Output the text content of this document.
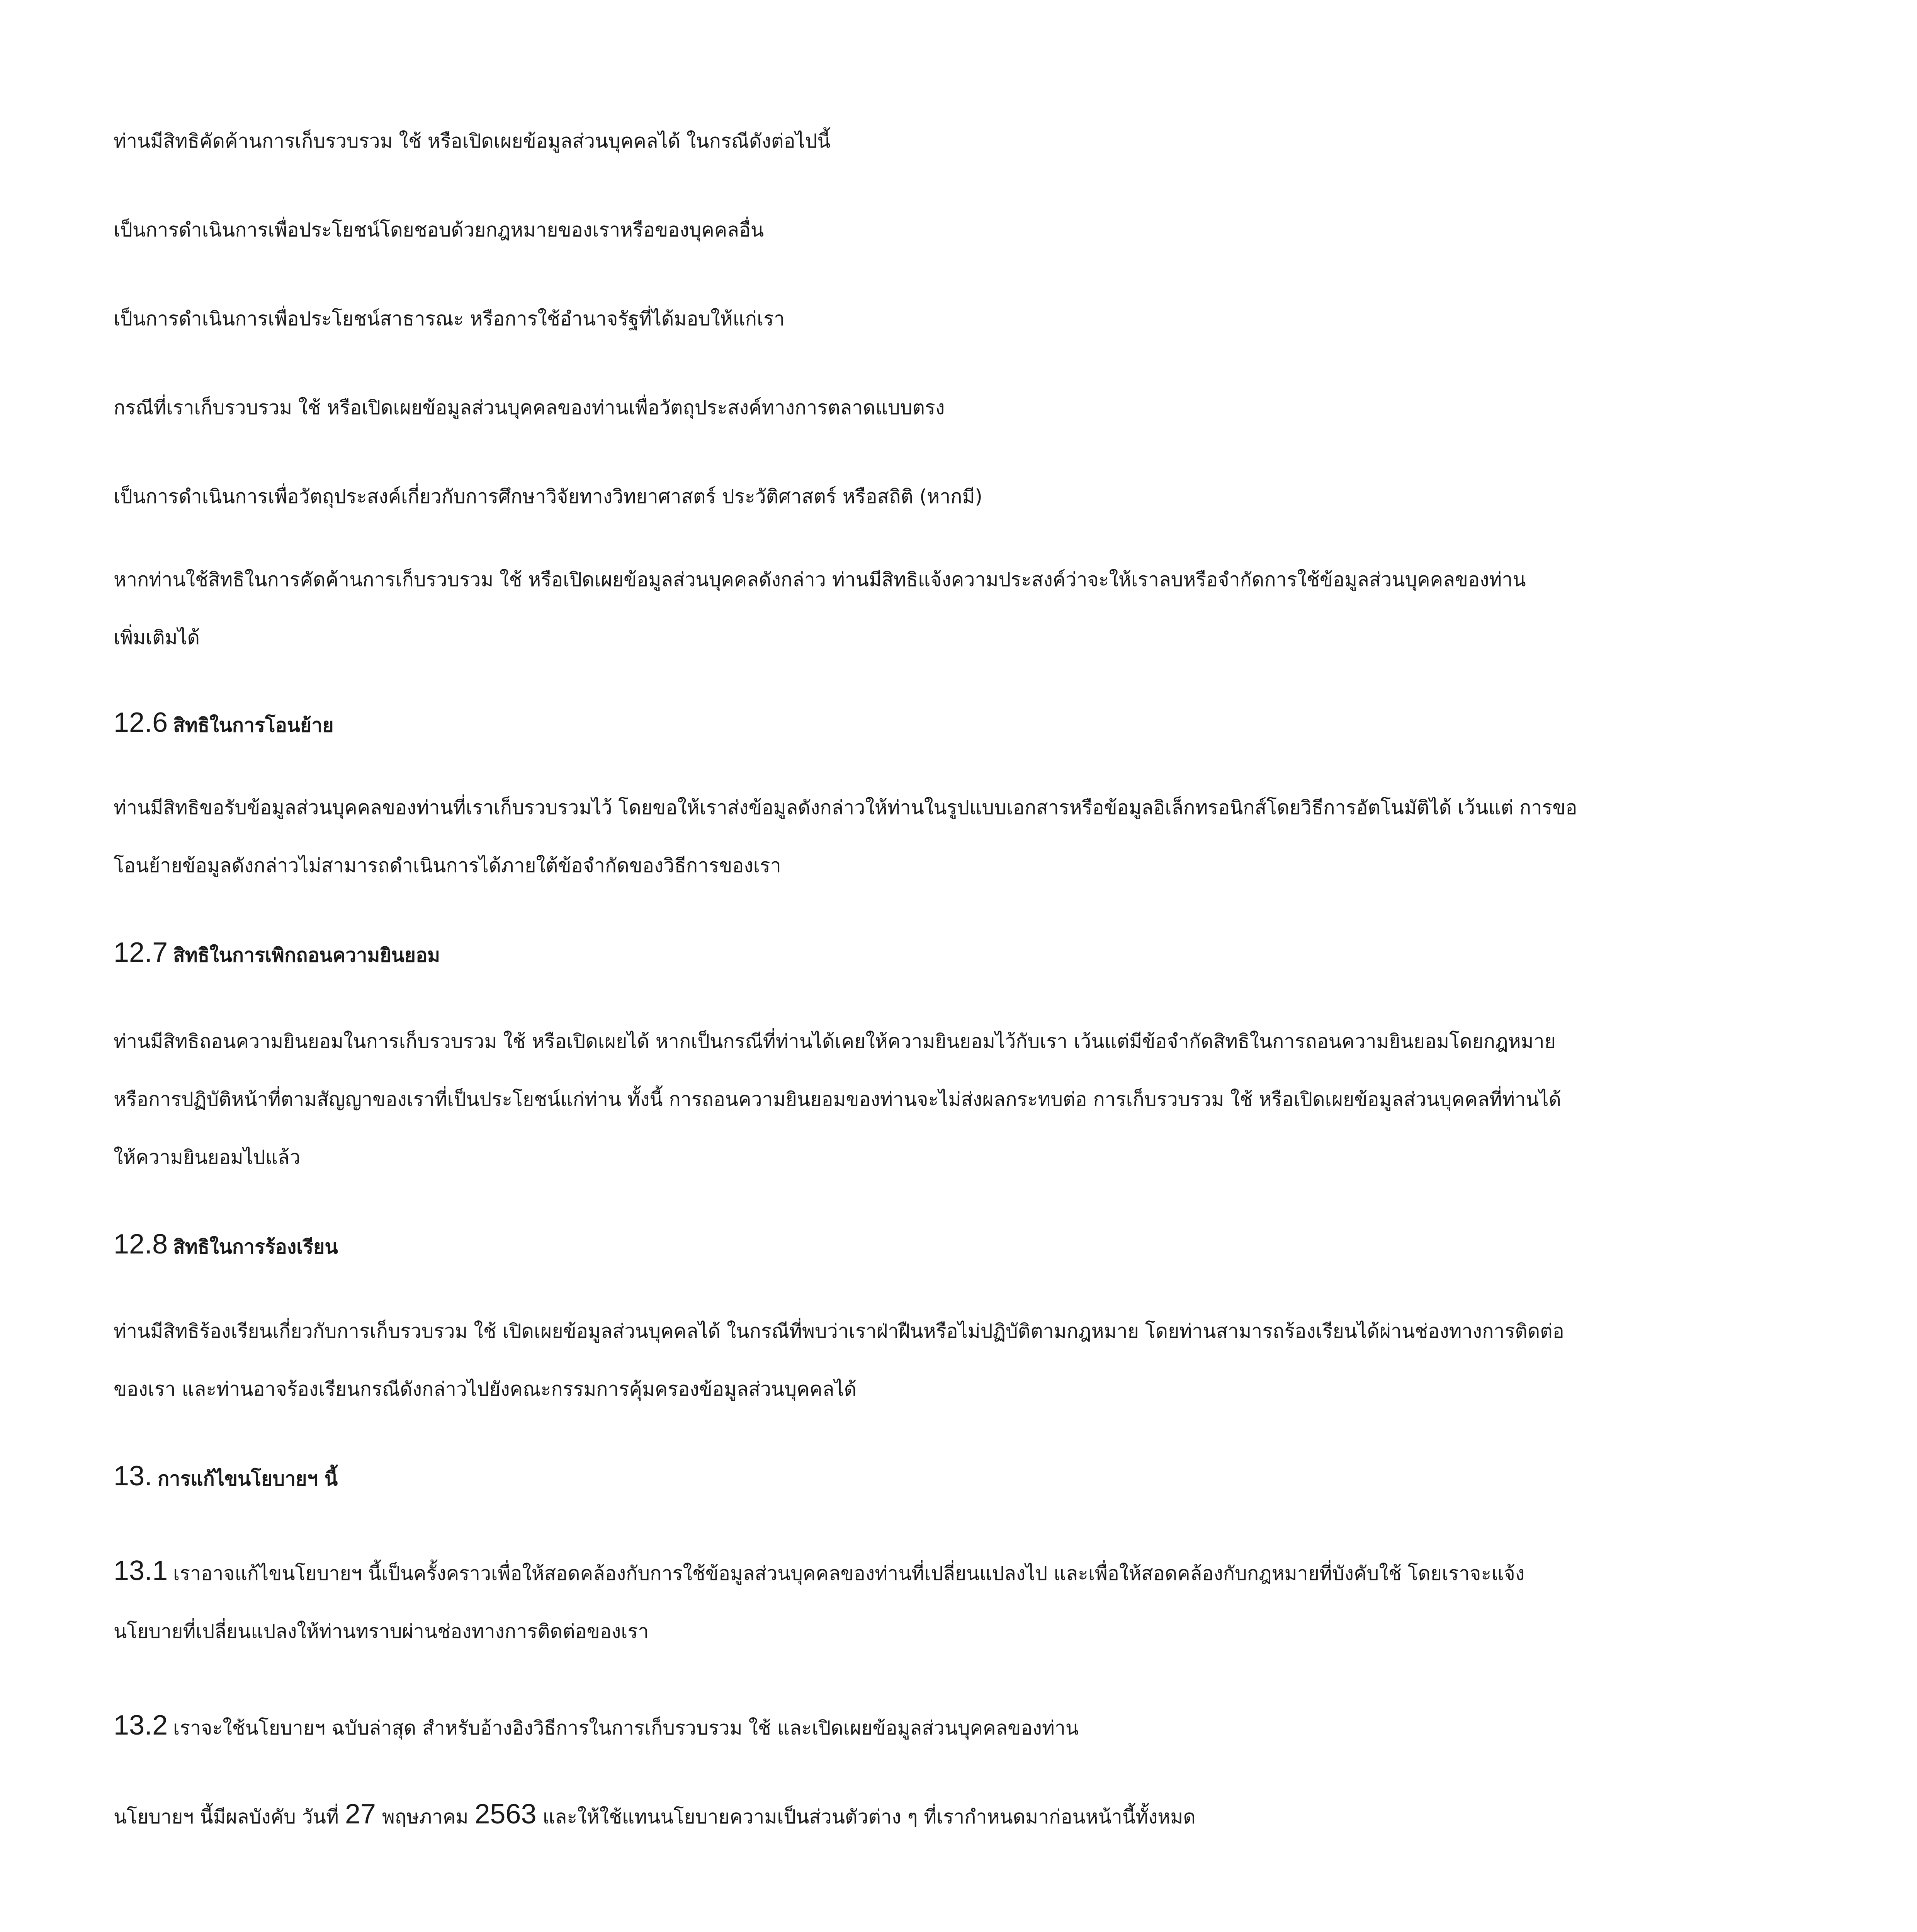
ท่านมีสิทธิคัดค้านการเก็บรวบรวม ใช้ หรือเปิดเผยข้อมูลส่วนบุคคลได้ ในกรณีดังต่อไปนี้

เป็นการดำเนินการเพื่อประโยชน์โดยชอบด้วยกฎหมายของเราหรือของบุคคลอื่น

เป็นการดำเนินการเพื่อประโยชน์สาธารณะ หรือการใช้อำนาจรัฐที่ได้มอบให้แก่เรา

กรณีที่เราเก็บรวบรวม ใช้ หรือเปิดเผยข้อมูลส่วนบุคคลของท่านเพื่อวัตถุประสงค์ทางการตลาดแบบตรง

เป็นการดำเนินการเพื่อวัตถุประสงค์เกี่ยวกับการศึกษาวิจัยทางวิทยาศาสตร์ ประวัติศาสตร์ หรือสถิติ (หากมี)

หากท่านใช้สิทธิในการคัดค้านการเก็บรวบรวม ใช้ หรือเปิดเผยข้อมูลส่วนบุคคลดังกล่าว ท่านมีสิทธิแจ้งความประสงค์ว่าจะให้เราลบหรือจำกัดการใช้ข้อมูลส่วนบุคคลของท่าน
เพิ่มเติมได้
12.6 สิทธิในการโอนย้าย
ท่านมีสิทธิขอรับข้อมูลส่วนบุคคลของท่านที่เราเก็บรวบรวมไว้ โดยขอให้เราส่งข้อมูลดังกล่าวให้ท่านในรูปแบบเอกสารหรือข้อมูลอิเล็กทรอนิกส์โดยวิธีการอัตโนมัติได้ เว้นแต่ การขอ
โอนย้ายข้อมูลดังกล่าวไม่สามารถดำเนินการได้ภายใต้ข้อจำกัดของวิธีการของเรา
12.7 สิทธิในการเพิกถอนความยินยอม
ท่านมีสิทธิถอนความยินยอมในการเก็บรวบรวม ใช้ หรือเปิดเผยได้ หากเป็นกรณีที่ท่านได้เคยให้ความยินยอมไว้กับเรา เว้นแต่มีข้อจำกัดสิทธิในการถอนความยินยอมโดยกฎหมาย
หรือการปฏิบัติหน้าที่ตามสัญญาของเราที่เป็นประโยชน์แก่ท่าน ทั้งนี้ การถอนความยินยอมของท่านจะไม่ส่งผลกระทบต่อ การเก็บรวบรวม ใช้ หรือเปิดเผยข้อมูลส่วนบุคคลที่ท่านได้
ให้ความยินยอมไปแล้ว
12.8 สิทธิในการร้องเรียน
ท่านมีสิทธิร้องเรียนเกี่ยวกับการเก็บรวบรวม ใช้ เปิดเผยข้อมูลส่วนบุคคลได้ ในกรณีที่พบว่าเราฝ่าฝืนหรือไม่ปฏิบัติตามกฎหมาย โดยท่านสามารถร้องเรียนได้ผ่านช่องทางการติดต่อ
ของเรา และท่านอาจร้องเรียนกรณีดังกล่าวไปยังคณะกรรมการคุ้มครองข้อมูลส่วนบุคคลได้
13. การแก้ไขนโยบายฯ นี้
13.1 เราอาจแก้ไขนโยบายฯ นี้เป็นครั้งคราวเพื่อให้สอดคล้องกับการใช้ข้อมูลส่วนบุคคลของท่านที่เปลี่ยนแปลงไป และเพื่อให้สอดคล้องกับกฎหมายที่บังคับใช้ โดยเราจะแจ้ง
นโยบายที่เปลี่ยนแปลงให้ท่านทราบผ่านช่องทางการติดต่อของเรา

13.2 เราจะใช้นโยบายฯ ฉบับล่าสุด สำหรับอ้างอิงวิธีการในการเก็บรวบรวม ใช้ และเปิดเผยข้อมูลส่วนบุคคลของท่าน

นโยบายฯ นี้มีผลบังคับ วันที่ 27 พฤษภาคม 2563 และให้ใช้แทนนโยบายความเป็นส่วนตัวต่าง ๆ ที่เรากำหนดมาก่อนหน้านี้ทั้งหมด
